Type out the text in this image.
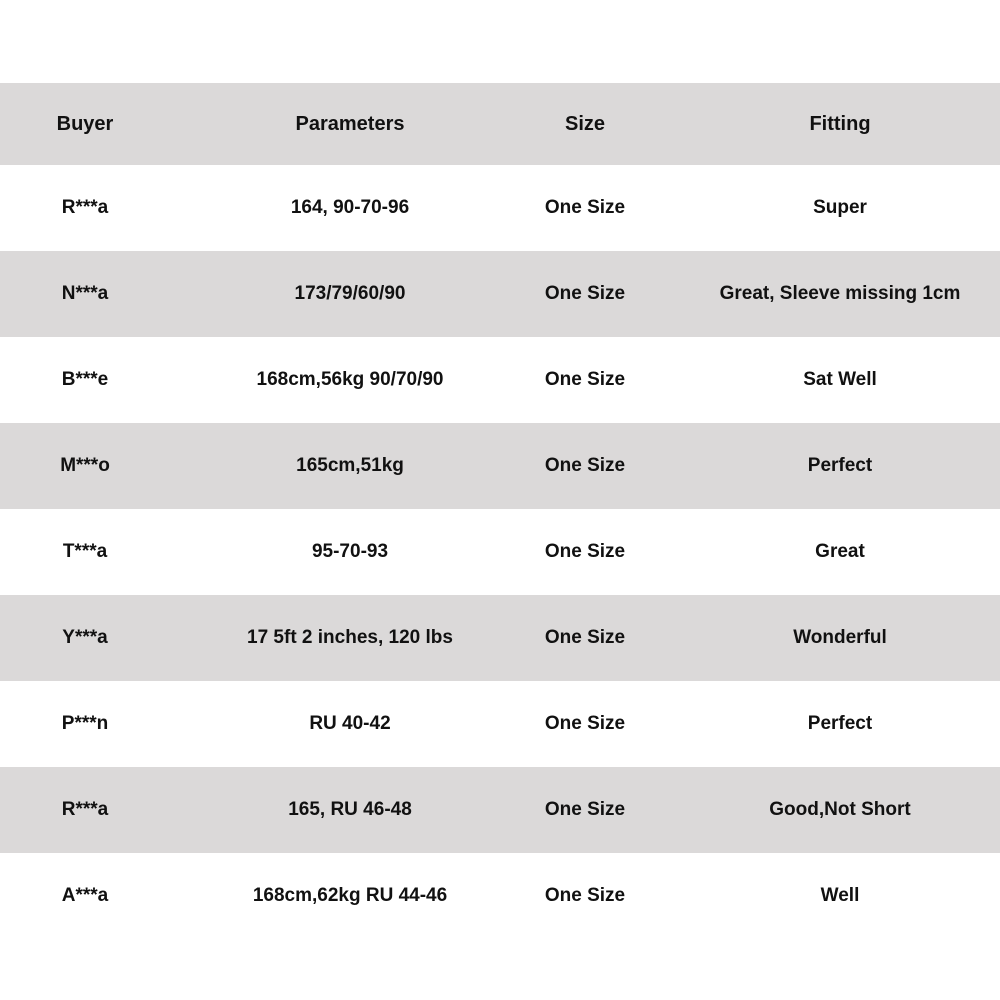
Buyer	Parameters	Size	Fitting
R***a	164, 90-70-96	One Size	Super
N***a	173/79/60/90	One Size	Great, Sleeve missing 1cm
B***e	168cm,56kg 90/70/90	One Size	Sat Well
M***o	165cm,51kg	One Size	Perfect
T***a	95-70-93	One Size	Great
Y***a	17 5ft 2 inches, 120 lbs	One Size	Wonderful
P***n	RU 40-42	One Size	Perfect
R***a	165, RU 46-48	One Size	Good,Not Short
A***a	168cm,62kg RU 44-46	One Size	Well
